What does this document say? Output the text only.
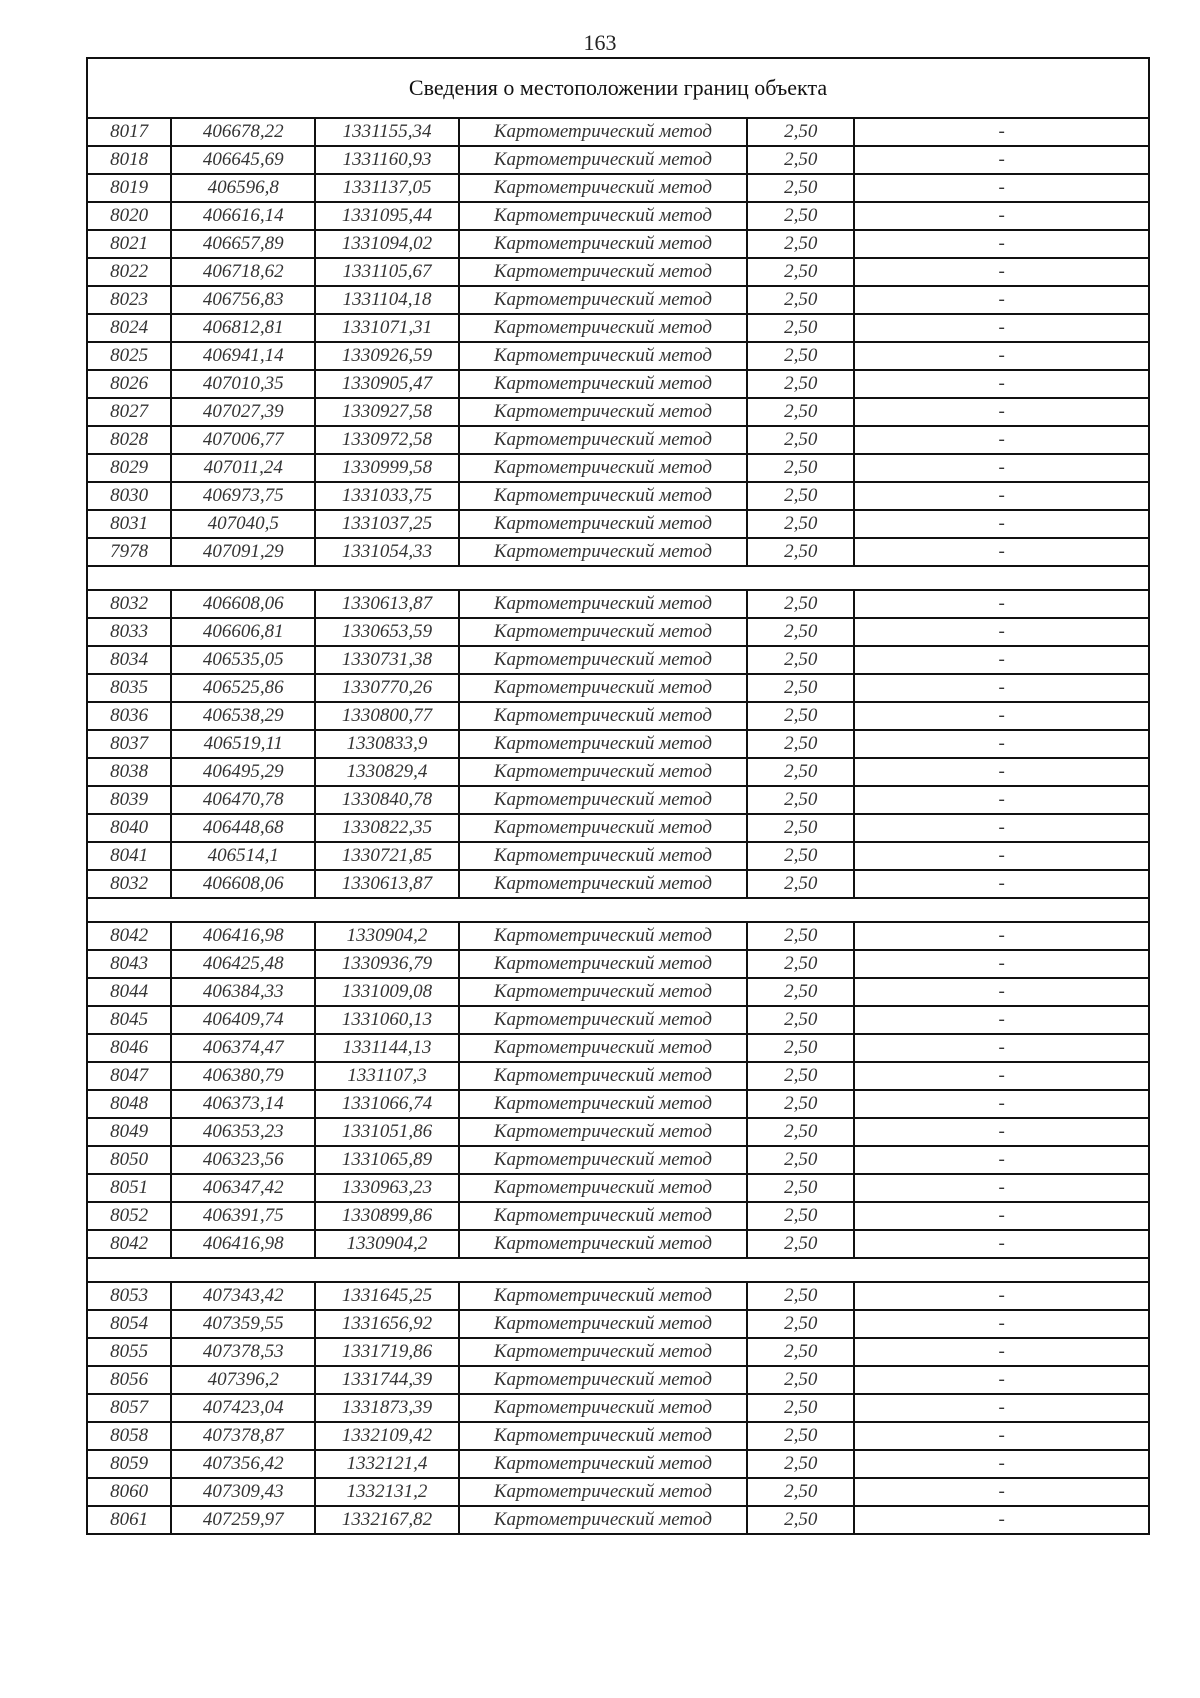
163
Сведения о местоположении границ объекта					
8017	406678,22	1331155,34	Картометрический метод	2,50	-
8018	406645,69	1331160,93	Картометрический метод	2,50	-
8019	406596,8	1331137,05	Картометрический метод	2,50	-
8020	406616,14	1331095,44	Картометрический метод	2,50	-
8021	406657,89	1331094,02	Картометрический метод	2,50	-
8022	406718,62	1331105,67	Картометрический метод	2,50	-
8023	406756,83	1331104,18	Картометрический метод	2,50	-
8024	406812,81	1331071,31	Картометрический метод	2,50	-
8025	406941,14	1330926,59	Картометрический метод	2,50	-
8026	407010,35	1330905,47	Картометрический метод	2,50	-
8027	407027,39	1330927,58	Картометрический метод	2,50	-
8028	407006,77	1330972,58	Картометрический метод	2,50	-
8029	407011,24	1330999,58	Картометрический метод	2,50	-
8030	406973,75	1331033,75	Картометрический метод	2,50	-
8031	407040,5	1331037,25	Картометрический метод	2,50	-
7978	407091,29	1331054,33	Картометрический метод	2,50	-

8032	406608,06	1330613,87	Картометрический метод	2,50	-
8033	406606,81	1330653,59	Картометрический метод	2,50	-
8034	406535,05	1330731,38	Картометрический метод	2,50	-
8035	406525,86	1330770,26	Картометрический метод	2,50	-
8036	406538,29	1330800,77	Картометрический метод	2,50	-
8037	406519,11	1330833,9	Картометрический метод	2,50	-
8038	406495,29	1330829,4	Картометрический метод	2,50	-
8039	406470,78	1330840,78	Картометрический метод	2,50	-
8040	406448,68	1330822,35	Картометрический метод	2,50	-
8041	406514,1	1330721,85	Картометрический метод	2,50	-
8032	406608,06	1330613,87	Картометрический метод	2,50	-

8042	406416,98	1330904,2	Картометрический метод	2,50	-
8043	406425,48	1330936,79	Картометрический метод	2,50	-
8044	406384,33	1331009,08	Картометрический метод	2,50	-
8045	406409,74	1331060,13	Картометрический метод	2,50	-
8046	406374,47	1331144,13	Картометрический метод	2,50	-
8047	406380,79	1331107,3	Картометрический метод	2,50	-
8048	406373,14	1331066,74	Картометрический метод	2,50	-
8049	406353,23	1331051,86	Картометрический метод	2,50	-
8050	406323,56	1331065,89	Картометрический метод	2,50	-
8051	406347,42	1330963,23	Картометрический метод	2,50	-
8052	406391,75	1330899,86	Картометрический метод	2,50	-
8042	406416,98	1330904,2	Картометрический метод	2,50	-

8053	407343,42	1331645,25	Картометрический метод	2,50	-
8054	407359,55	1331656,92	Картометрический метод	2,50	-
8055	407378,53	1331719,86	Картометрический метод	2,50	-
8056	407396,2	1331744,39	Картометрический метод	2,50	-
8057	407423,04	1331873,39	Картометрический метод	2,50	-
8058	407378,87	1332109,42	Картометрический метод	2,50	-
8059	407356,42	1332121,4	Картометрический метод	2,50	-
8060	407309,43	1332131,2	Картометрический метод	2,50	-
8061	407259,97	1332167,82	Картометрический метод	2,50	-
